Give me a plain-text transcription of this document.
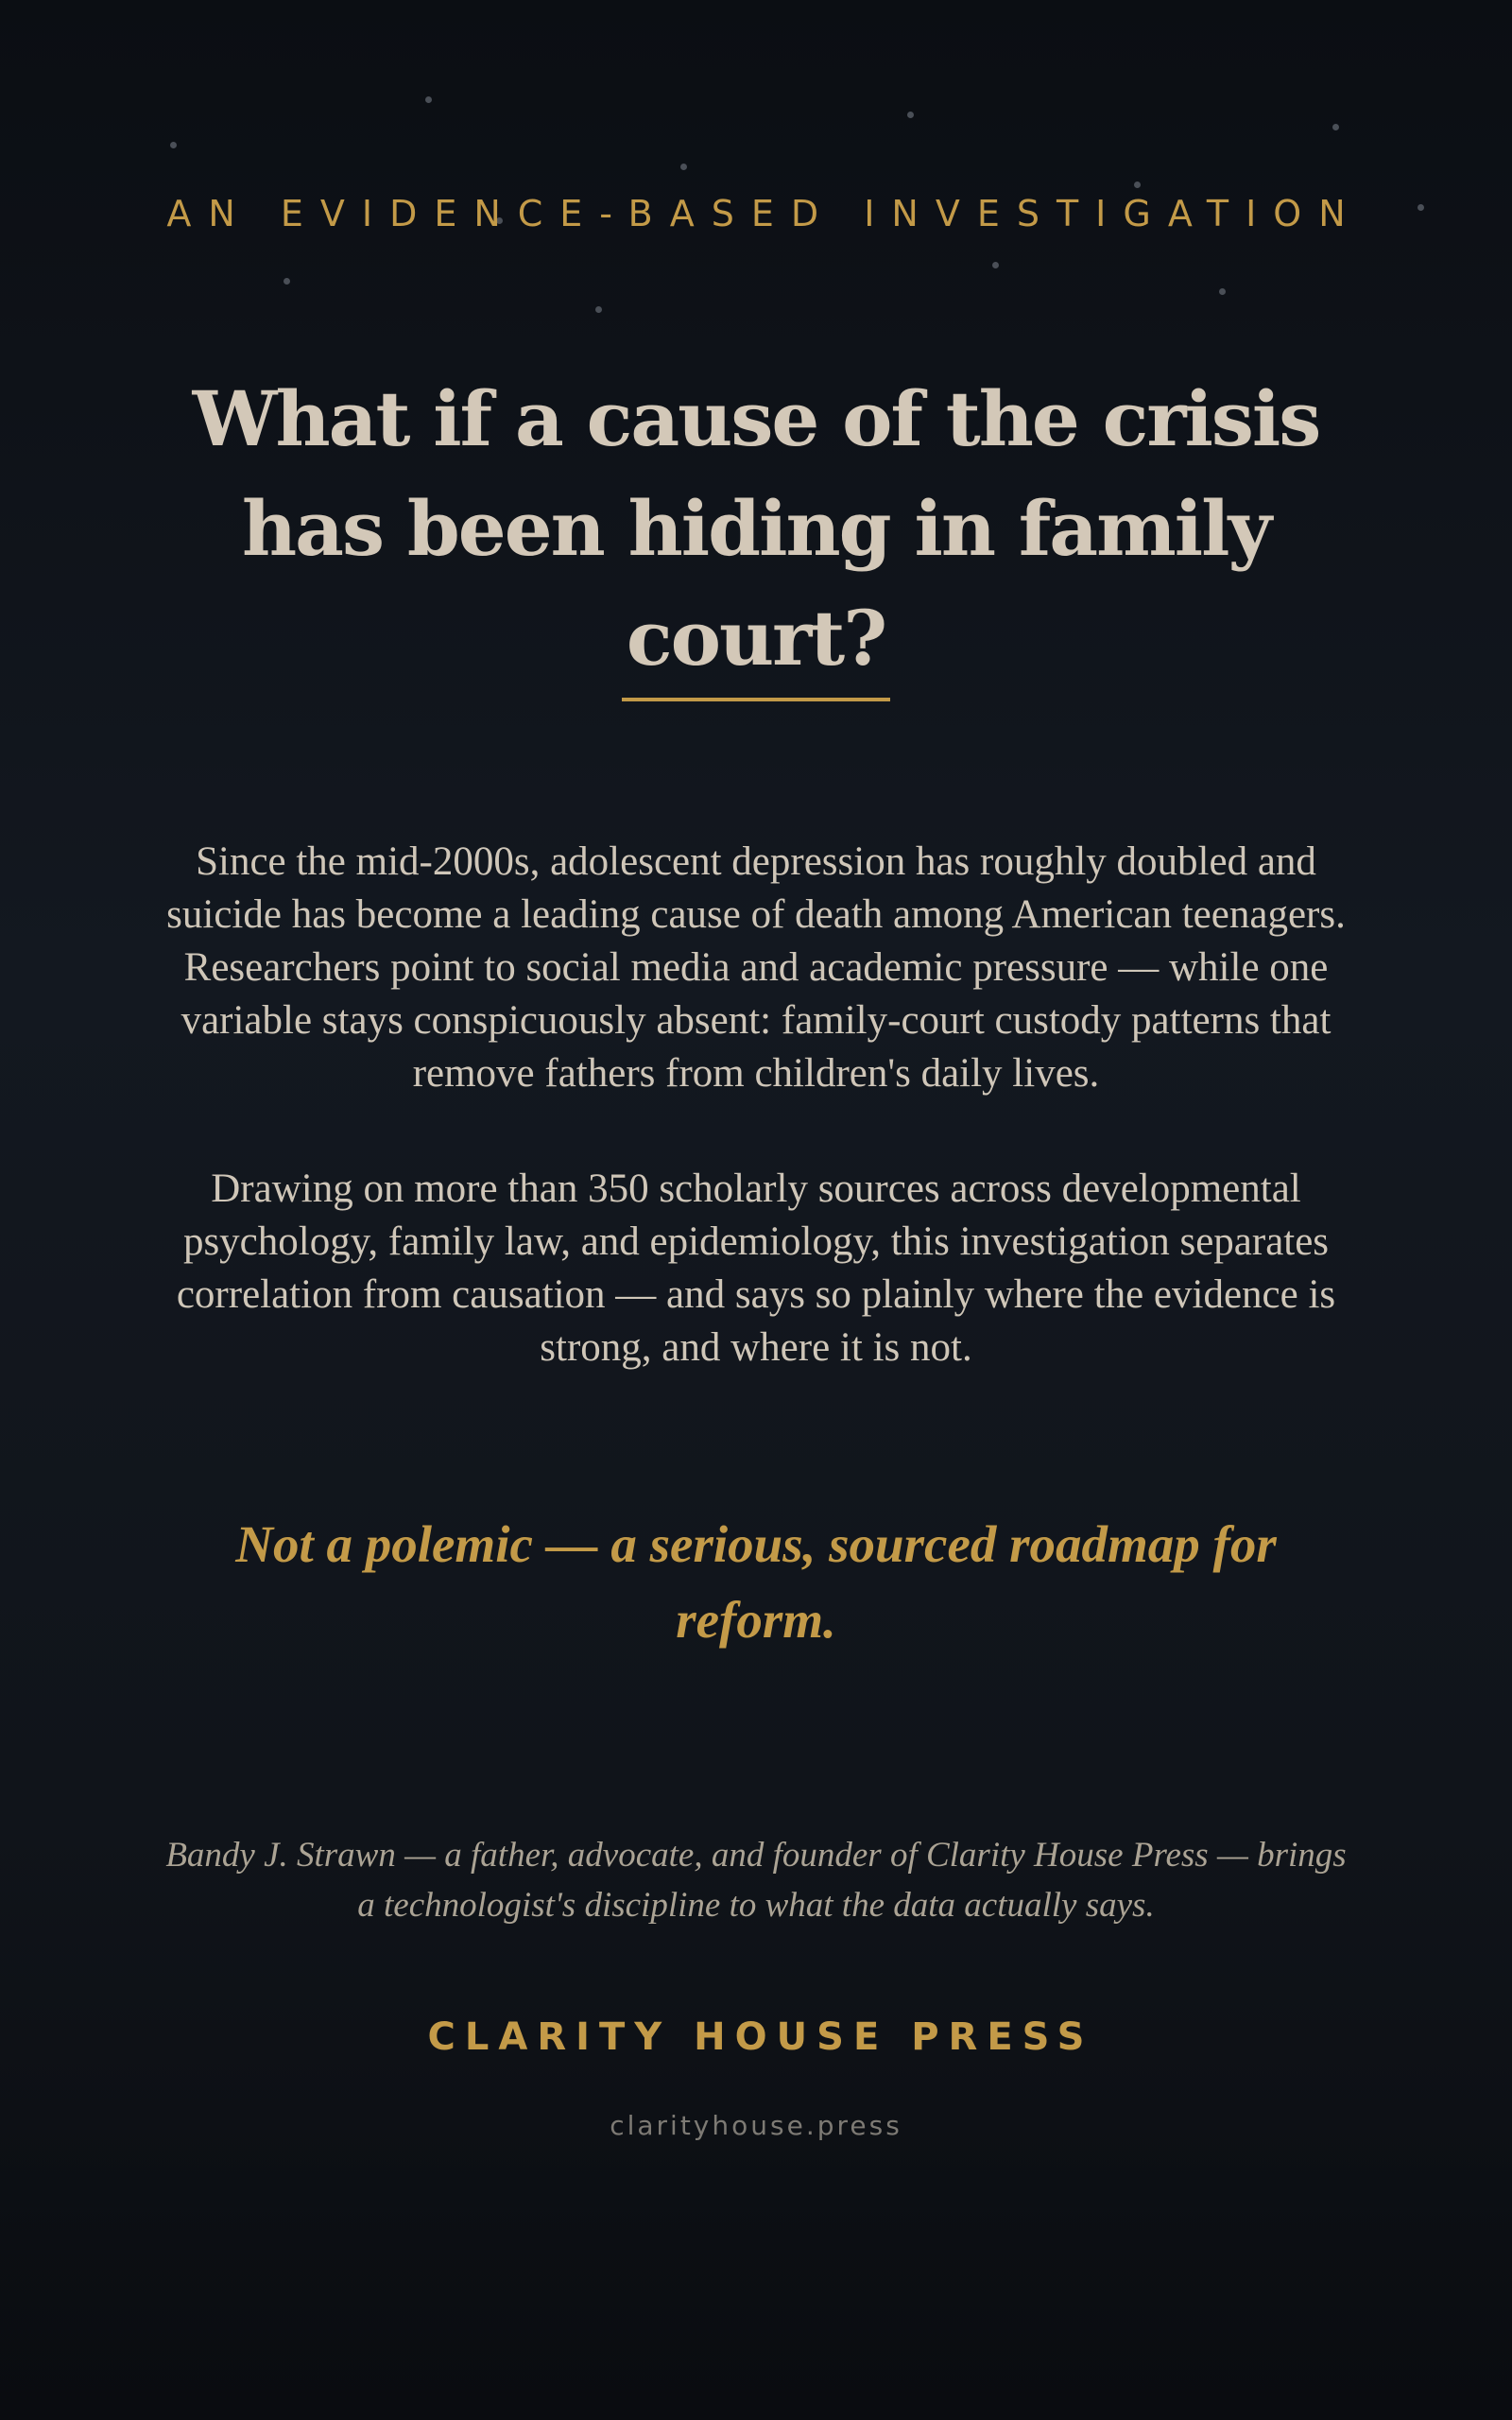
AN EVIDENCE-BASED INVESTIGATION
What if a cause of the crisis has been hiding in family court?

Since the mid-2000s, adolescent depression has roughly doubled and suicide has become a leading cause of death among American teenagers. Researchers point to social media and academic pressure — while one variable stays conspicuously absent: family-court custody patterns that remove fathers from children's daily lives.

Drawing on more than 350 scholarly sources across developmental psychology, family law, and epidemiology, this investigation separates correlation from causation — and says so plainly where the evidence is strong, and where it is not.

Not a polemic — a serious, sourced roadmap for reform.

Bandy J. Strawn — a father, advocate, and founder of Clarity House Press — brings a technologist's discipline to what the data actually says.

CLARITY HOUSE PRESS
clarityhouse.press
